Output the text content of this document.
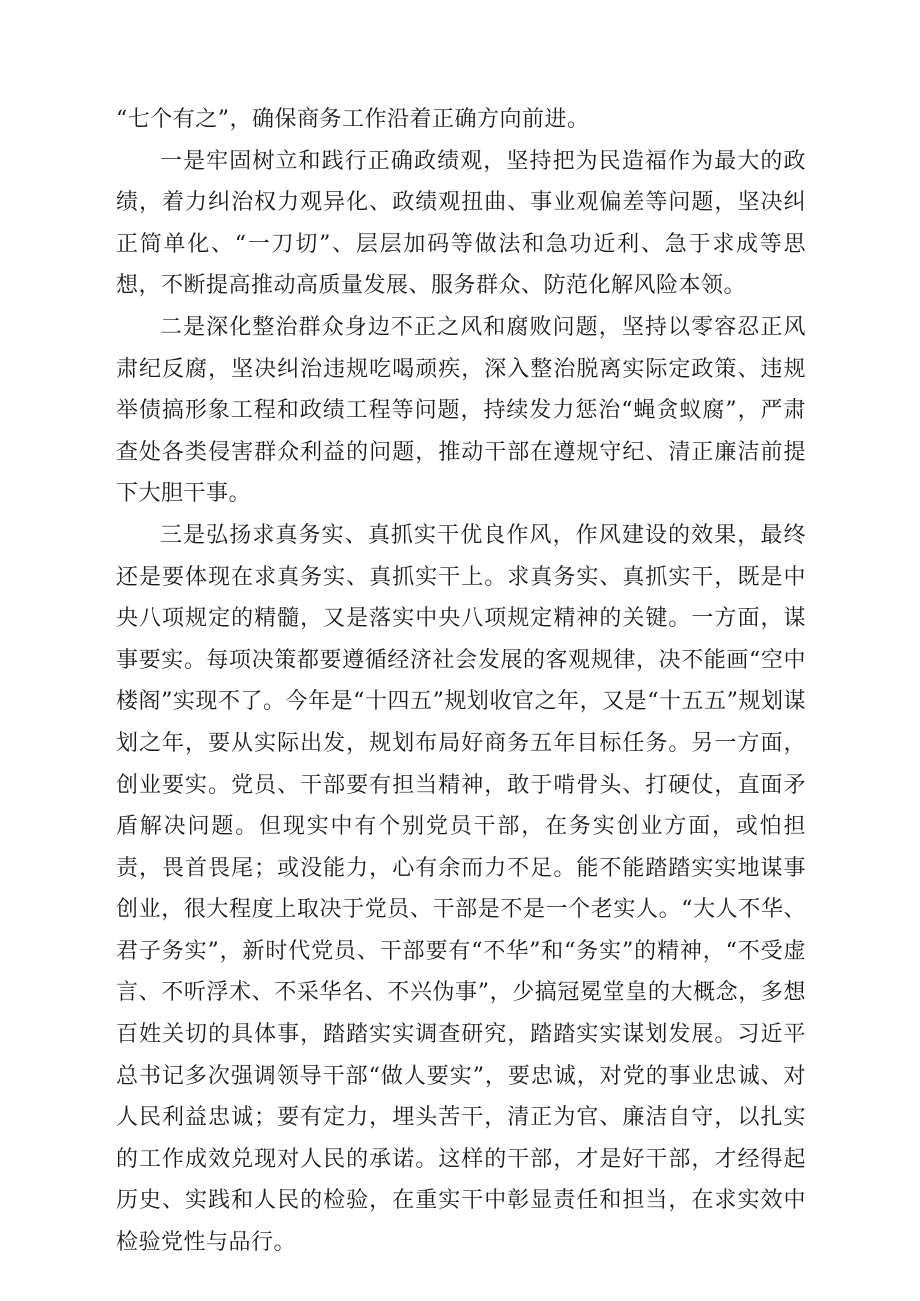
“七个有之”，确保商务工作沿着正确方向前进。

一是牢固树立和践行正确政绩观，坚持把为民造福作为最大的政绩，着力纠治权力观异化、政绩观扭曲、事业观偏差等问题，坚决纠正简单化、“一刀切”、层层加码等做法和急功近利、急于求成等思想，不断提高推动高质量发展、服务群众、防范化解风险本领。

二是深化整治群众身边不正之风和腐败问题，坚持以零容忍正风肃纪反腐，坚决纠治违规吃喝顽疾，深入整治脱离实际定政策、违规举债搞形象工程和政绩工程等问题，持续发力惩治“蝇贪蚁腐”，严肃查处各类侵害群众利益的问题，推动干部在遵规守纪、清正廉洁前提下大胆干事。

三是弘扬求真务实、真抓实干优良作风，作风建设的效果，最终还是要体现在求真务实、真抓实干上。求真务实、真抓实干，既是中央八项规定的精髓，又是落实中央八项规定精神的关键。一方面，谋事要实。每项决策都要遵循经济社会发展的客观规律，决不能画“空中楼阁”实现不了。今年是“十四五”规划收官之年，又是“十五五”规划谋划之年，要从实际出发，规划布局好商务五年目标任务。另一方面，创业要实。党员、干部要有担当精神，敢于啃骨头、打硬仗，直面矛盾解决问题。但现实中有个别党员干部，在务实创业方面，或怕担责，畏首畏尾；或没能力，心有余而力不足。能不能踏踏实实地谋事创业，很大程度上取决于党员、干部是不是一个老实人。“大人不华、君子务实”，新时代党员、干部要有“不华”和“务实”的精神，“不受虚言、不听浮术、不采华名、不兴伪事”，少搞冠冕堂皇的大概念，多想百姓关切的具体事，踏踏实实调查研究，踏踏实实谋划发展。习近平总书记多次强调领导干部“做人要实”，要忠诚，对党的事业忠诚、对人民利益忠诚；要有定力，埋头苦干，清正为官、廉洁自守，以扎实的工作成效兑现对人民的承诺。这样的干部，才是好干部，才经得起历史、实践和人民的检验，在重实干中彰显责任和担当，在求实效中检验党性与品行。
